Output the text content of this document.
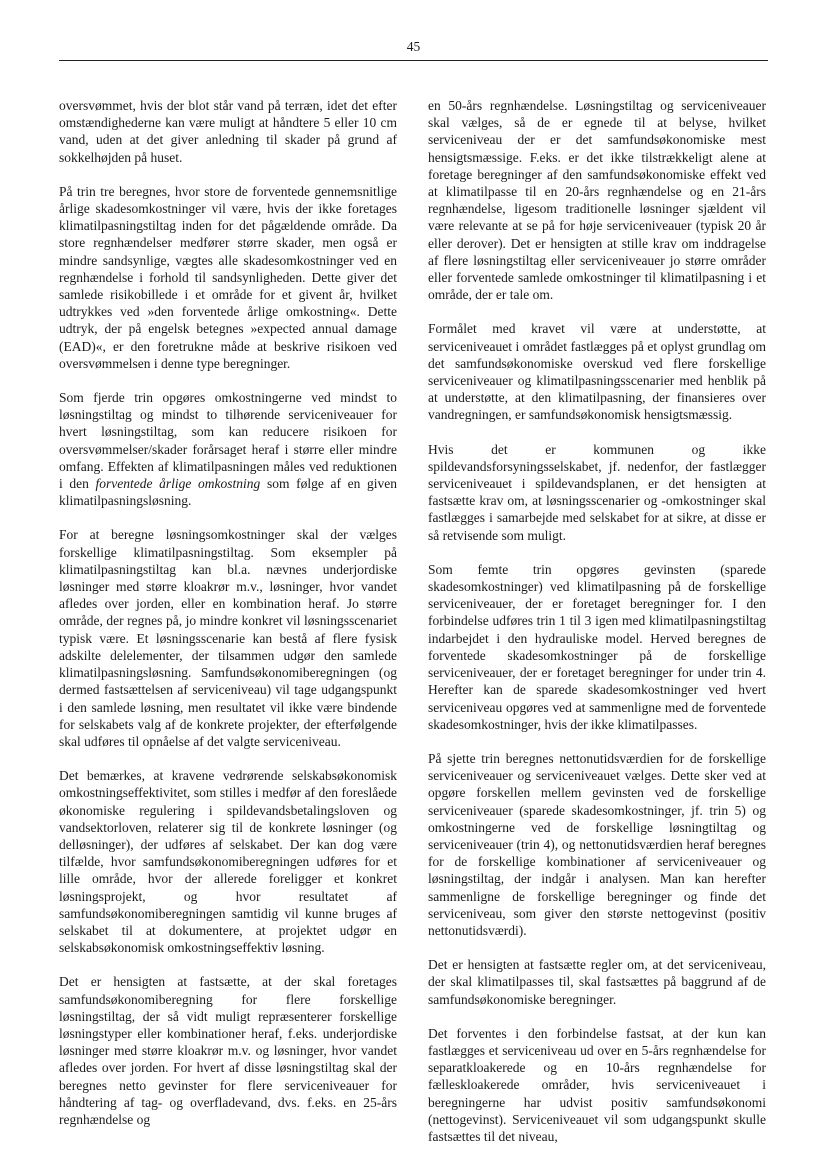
45

oversvømmet, hvis der blot står vand på terræn, idet det efter omstændighederne kan være muligt at håndtere 5 eller 10 cm vand, uden at det giver anledning til skader på grund af sokkelhøjden på huset.

På trin tre beregnes, hvor store de forventede gennemsnitlige årlige skadesomkostninger vil være, hvis der ikke foretages klimatilpasningstiltag inden for det pågældende område. Da store regnhændelser medfører større skader, men også er mindre sandsynlige, vægtes alle skadesomkostninger ved en regnhændelse i forhold til sandsynligheden. Dette giver det samlede risikobillede i et område for et givent år, hvilket udtrykkes ved »den forventede årlige omkostning«. Dette udtryk, der på engelsk betegnes »expected annual damage (EAD)«, er den foretrukne måde at beskrive risikoen ved oversvømmelsen i denne type beregninger.

Som fjerde trin opgøres omkostningerne ved mindst to løsningstiltag og mindst to tilhørende serviceniveauer for hvert løsningstiltag, som kan reducere risikoen for oversvømmelser/skader forårsaget heraf i større eller mindre omfang. Effekten af klimatilpasningen måles ved reduktionen i den forventede årlige omkostning som følge af en given klimatilpasningsløsning.

For at beregne løsningsomkostninger skal der vælges forskellige klimatilpasningstiltag. Som eksempler på klimatilpasningstiltag kan bl.a. nævnes underjordiske løsninger med større kloakrør m.v., løsninger, hvor vandet afledes over jorden, eller en kombination heraf. Jo større område, der regnes på, jo mindre konkret vil løsningsscenariet typisk være. Et løsningsscenarie kan bestå af flere fysisk adskilte delelementer, der tilsammen udgør den samlede klimatilpasningsløsning. Samfundsøkonomiberegningen (og dermed fastsættelsen af serviceniveau) vil tage udgangspunkt i den samlede løsning, men resultatet vil ikke være bindende for selskabets valg af de konkrete projekter, der efterfølgende skal udføres til opnåelse af det valgte serviceniveau.

Det bemærkes, at kravene vedrørende selskabsøkonomisk omkostningseffektivitet, som stilles i medfør af den foreslåede økonomiske regulering i spildevandsbetalingsloven og vandsektorloven, relaterer sig til de konkrete løsninger (og delløsninger), der udføres af selskabet. Der kan dog være tilfælde, hvor samfundsøkonomiberegningen udføres for et lille område, hvor der allerede foreligger et konkret løsningsprojekt, og hvor resultatet af samfundsøkonomiberegningen samtidig vil kunne bruges af selskabet til at dokumentere, at projektet udgør en selskabsøkonomisk omkostningseffektiv løsning.

Det er hensigten at fastsætte, at der skal foretages samfundsøkonomiberegning for flere forskellige løsningstiltag, der så vidt muligt repræsenterer forskellige løsningstyper eller kombinationer heraf, f.eks. underjordiske løsninger med større kloakrør m.v. og løsninger, hvor vandet afledes over jorden. For hvert af disse løsningstiltag skal der beregnes netto gevinster for flere serviceniveauer for håndtering af tag- og overfladevand, dvs. f.eks. en 25-års regnhændelse og

en 50-års regnhændelse. Løsningstiltag og serviceniveauer skal vælges, så de er egnede til at belyse, hvilket serviceniveau der er det samfundsøkonomiske mest hensigtsmæssige. F.eks. er det ikke tilstrækkeligt alene at foretage beregninger af den samfundsøkonomiske effekt ved at klimatilpasse til en 20-års regnhændelse og en 21-års regnhændelse, ligesom traditionelle løsninger sjældent vil være relevante at se på for høje serviceniveauer (typisk 20 år eller derover). Det er hensigten at stille krav om inddragelse af flere løsningstiltag eller serviceniveauer jo større områder eller forventede samlede omkostninger til klimatilpasning i et område, der er tale om.

Formålet med kravet vil være at understøtte, at serviceniveauet i området fastlægges på et oplyst grundlag om det samfundsøkonomiske overskud ved flere forskellige serviceniveauer og klimatilpasningsscenarier med henblik på at understøtte, at den klimatilpasning, der finansieres over vandregningen, er samfundsøkonomisk hensigtsmæssig.

Hvis det er kommunen og ikke spildevandsforsyningsselskabet, jf. nedenfor, der fastlægger serviceniveauet i spildevandsplanen, er det hensigten at fastsætte krav om, at løsningsscenarier og -omkostninger skal fastlægges i samarbejde med selskabet for at sikre, at disse er så retvisende som muligt.

Som femte trin opgøres gevinsten (sparede skadesomkostninger) ved klimatilpasning på de forskellige serviceniveauer, der er foretaget beregninger for. I den forbindelse udføres trin 1 til 3 igen med klimatilpasningstiltag indarbejdet i den hydrauliske model. Herved beregnes de forventede skadesomkostninger på de forskellige serviceniveauer, der er foretaget beregninger for under trin 4. Herefter kan de sparede skadesomkostninger ved hvert serviceniveau opgøres ved at sammenligne med de forventede skadesomkostninger, hvis der ikke klimatilpasses.

På sjette trin beregnes nettonutidsværdien for de forskellige serviceniveauer og serviceniveauet vælges. Dette sker ved at opgøre forskellen mellem gevinsten ved de forskellige serviceniveauer (sparede skadesomkostninger, jf. trin 5) og omkostningerne ved de forskellige løsningtiltag og serviceniveauer (trin 4), og nettonutidsværdien heraf beregnes for de forskellige kombinationer af serviceniveauer og løsningstiltag, der indgår i analysen. Man kan herefter sammenligne de forskellige beregninger og finde det serviceniveau, som giver den største nettogevinst (positiv nettonutidsværdi).

Det er hensigten at fastsætte regler om, at det serviceniveau, der skal klimatilpasses til, skal fastsættes på baggrund af de samfundsøkonomiske beregninger.

Det forventes i den forbindelse fastsat, at der kun kan fastlægges et serviceniveau ud over en 5-års regnhændelse for separatkloakerede og en 10-års regnhændelse for fælleskloakerede områder, hvis serviceniveauet i beregningerne har udvist positiv samfundsøkonomi (nettogevinst). Serviceniveauet vil som udgangspunkt skulle fastsættes til det niveau,
